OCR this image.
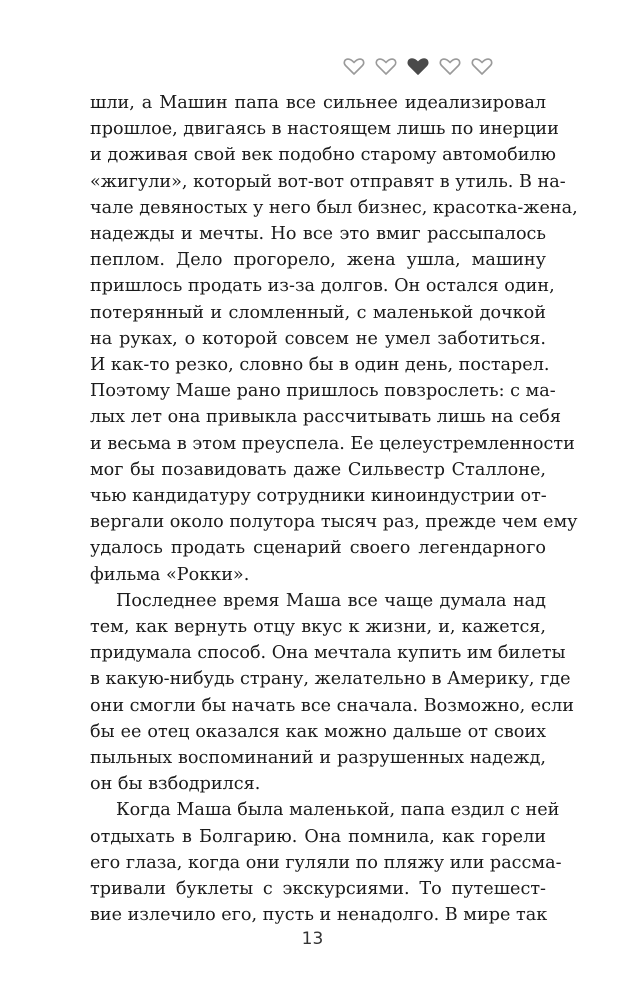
шли, а Машин папа все сильнее идеализировал
прошлое, двигаясь в настоящем лишь по инерции
и доживая свой век подобно старому автомобилю
«жигули», который вот-вот отправят в утиль. В на-
чале девяностых у него был бизнес, красотка-жена,
надежды и мечты. Но все это вмиг рассыпалось
пеплом. Дело прогорело, жена ушла, машину
пришлось продать из-за долгов. Он остался один,
потерянный и сломленный, с маленькой дочкой
на руках, о которой совсем не умел заботиться.
И как-то резко, словно бы в один день, постарел.
Поэтому Маше рано пришлось повзрослеть: с ма-
лых лет она привыкла рассчитывать лишь на себя
и весьма в этом преуспела. Ее целеустремленности
мог бы позавидовать даже Сильвестр Сталлоне,
чью кандидатуру сотрудники киноиндустрии от-
вергали около полутора тысяч раз, прежде чем ему
удалось продать сценарий своего легендарного
фильма «Рокки».
Последнее время Маша все чаще думала над
тем, как вернуть отцу вкус к жизни, и, кажется,
придумала способ. Она мечтала купить им билеты
в какую-нибудь страну, желательно в Америку, где
они смогли бы начать все сначала. Возможно, если
бы ее отец оказался как можно дальше от своих
пыльных воспоминаний и разрушенных надежд,
он бы взбодрился.
Когда Маша была маленькой, папа ездил с ней
отдыхать в Болгарию. Она помнила, как горели
его глаза, когда они гуляли по пляжу или рассма-
тривали буклеты с экскурсиями. То путешест-
вие излечило его, пусть и ненадолго. В мире так
13
